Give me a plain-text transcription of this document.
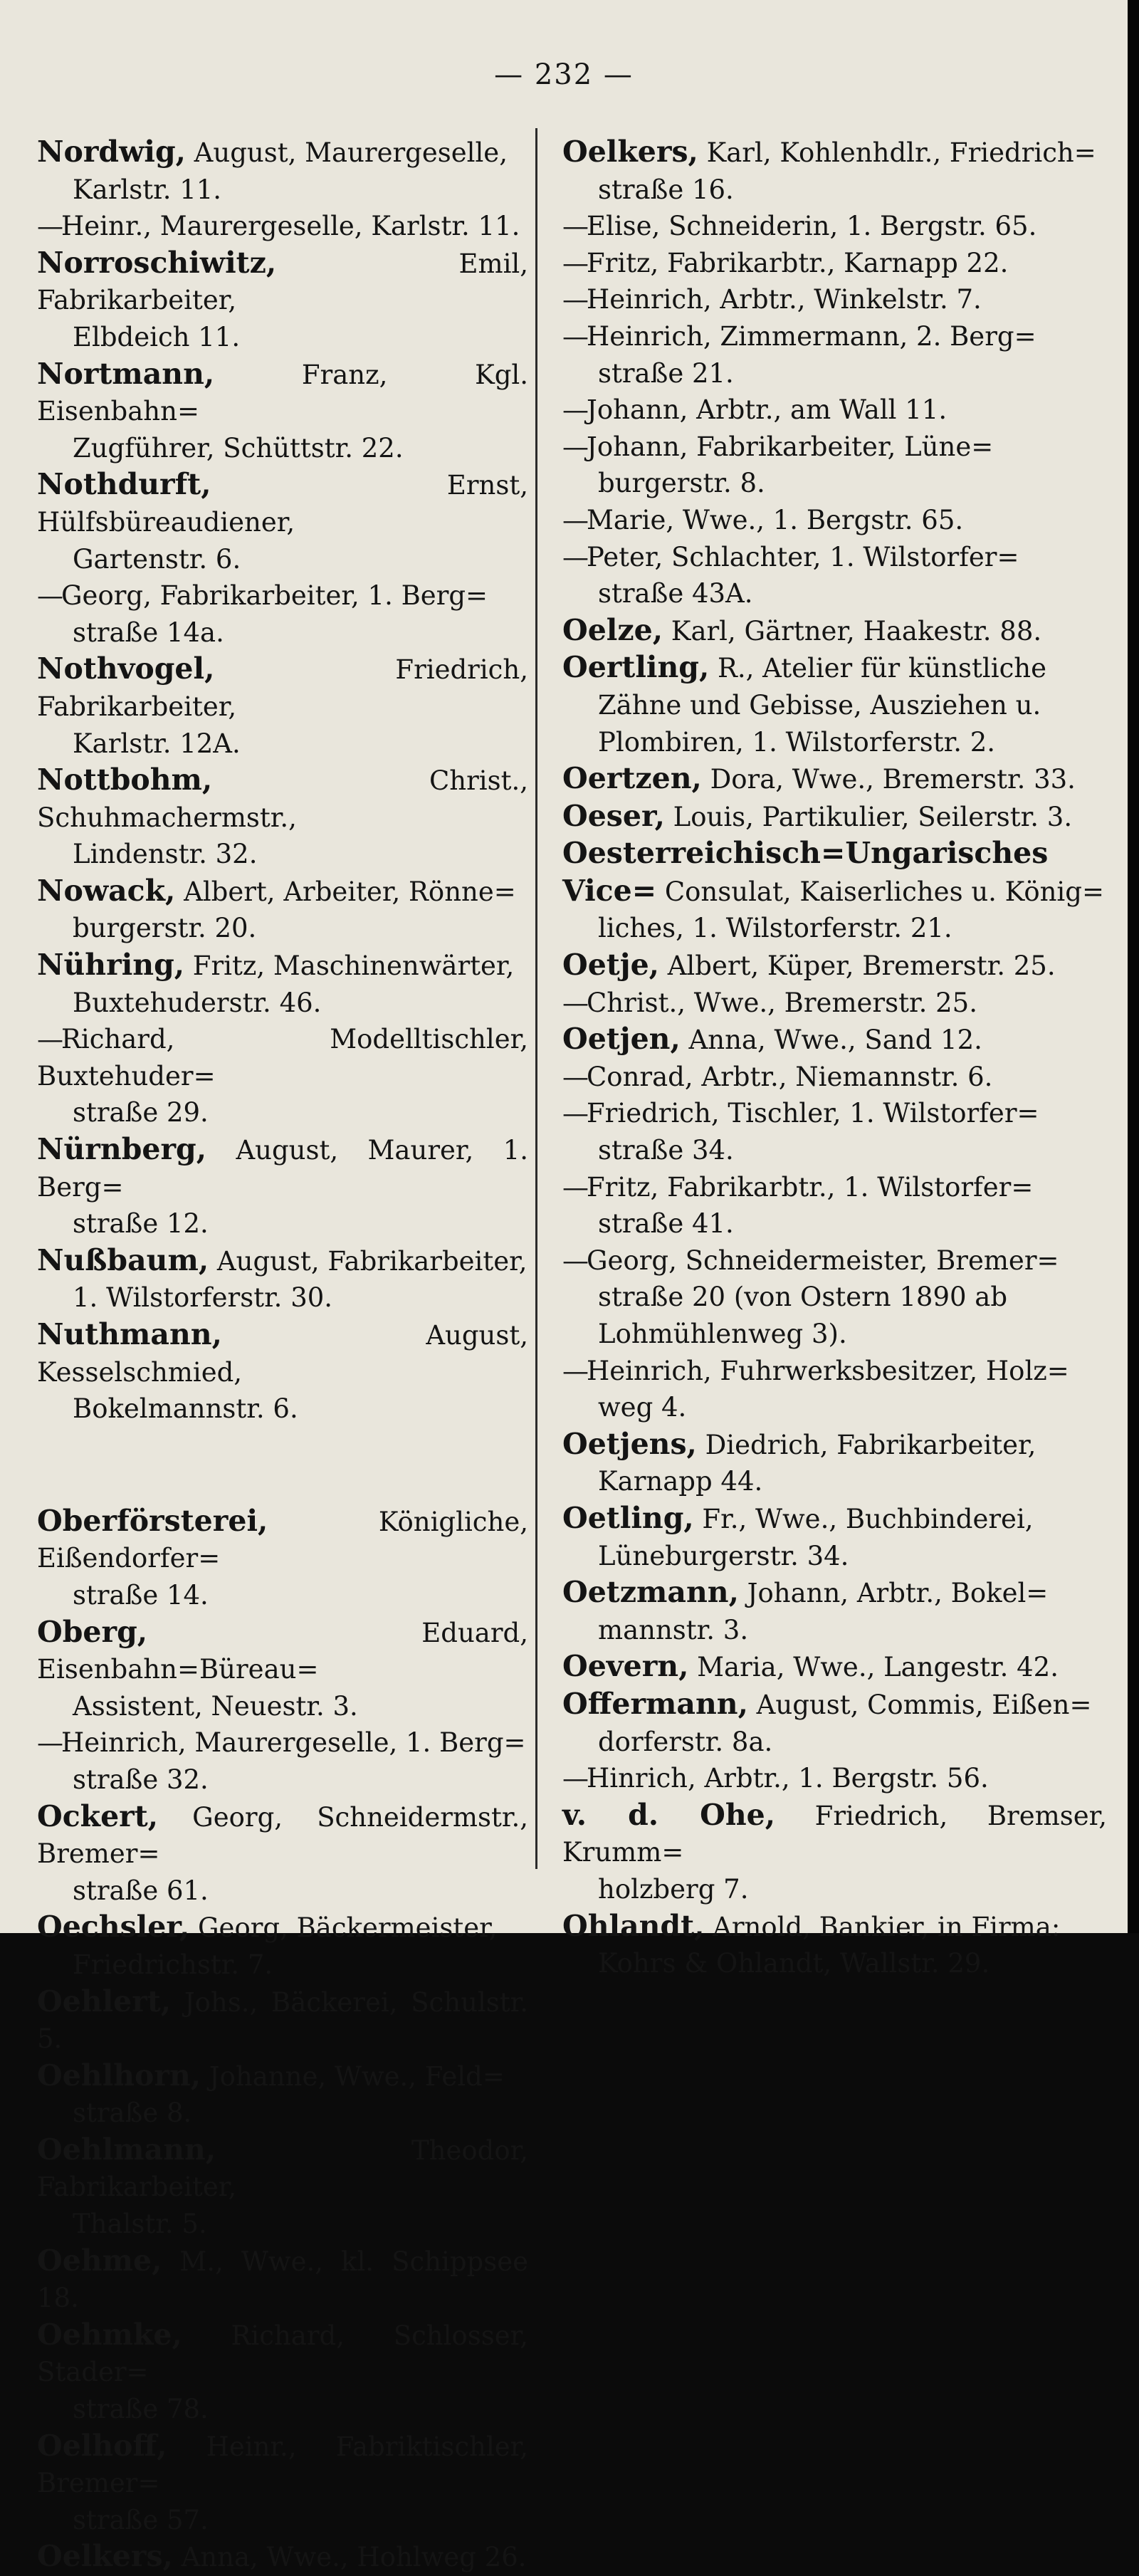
— 232 —
Nordwig, August, Maurergeselle,
Karlstr. 11.
—Heinr., Maurergeselle, Karlstr. 11.
Norroschiwitz,	Emil, Fabrikarbeiter,
Elbdeich 11.
Nortmann,	Franz, Kgl. Eisenbahn=
Zugführer, Schüttstr. 22.
Nothdurft,	Ernst, Hülfsbüreaudiener,
Gartenstr. 6.
—Georg, Fabrikarbeiter, 1. Berg=
straße 14a.
Nothvogel,	Friedrich, Fabrikarbeiter,
Karlstr. 12A.
Nottbohm,	Christ., Schuhmachermstr.,
Lindenstr. 32.
Nowack, Albert, Arbeiter, Rönne=
burgerstr. 20.
Nühring, Fritz, Maschinenwärter,
Buxtehuderstr. 46.
—Richard, Modelltischler, Buxtehuder=
straße 29.
Nürnberg, August, Maurer, 1. Berg=
straße 12.
Nußbaum, August, Fabrikarbeiter,
1. Wilstorferstr. 30.
Nuthmann,	August, Kesselschmied,
Bokelmannstr. 6.
Oberförsterei,	Königliche, Eißendorfer=
straße 14.
Oberg,	Eduard, Eisenbahn=Büreau=
Assistent, Neuestr. 3.
—Heinrich, Maurergeselle, 1. Berg=
straße 32.
Ockert, Georg, Schneidermstr., Bremer=
straße 61.
Oechsler, Georg, Bäckermeister,
Friedrichstr. 7.
Oehlert, Johs., Bäckerei, Schulstr. 5.
Oehlhorn, Johanne, Wwe., Feld=
straße 8.
Oehlmann,	Theodor, Fabrikarbeiter,
Thalstr. 5.
Oehme, M., Wwe., kl. Schippsee 18.
Oehmke, Richard, Schlosser, Stader=
straße 78.
Oelhoff, Heinr., Fabriktischler, Bremer=
straße 57.
Oelkers, Anna, Wwe., Hohlweg 26.
Oelkers, Karl, Kohlenhdlr., Friedrich=
straße 16.
—Elise, Schneiderin, 1. Bergstr. 65.
—Fritz, Fabrikarbtr., Karnapp 22.
—Heinrich, Arbtr., Winkelstr. 7.
—Heinrich, Zimmermann, 2. Berg=
straße 21.
—Johann, Arbtr., am Wall 11.
—Johann, Fabrikarbeiter, Lüne=
burgerstr. 8.
—Marie, Wwe., 1. Bergstr. 65.
—Peter, Schlachter, 1. Wilstorfer=
straße 43A.
Oelze, Karl, Gärtner, Haakestr. 88.
Oertling, R., Atelier für künstliche
Zähne und Gebisse, Ausziehen u.
Plombiren, 1. Wilstorferstr. 2.
Oertzen, Dora, Wwe., Bremerstr. 33.
Oeser, Louis, Partikulier, Seilerstr. 3.
Oesterreichisch=Ungarisches Vice= Consulat, Kaiserliches u. König=
liches, 1. Wilstorferstr. 21.
Oetje, Albert, Küper, Bremerstr. 25.
—Christ., Wwe., Bremerstr. 25.
Oetjen, Anna, Wwe., Sand 12.
—Conrad, Arbtr., Niemannstr. 6.
—Friedrich, Tischler, 1. Wilstorfer=
straße 34.
—Fritz, Fabrikarbtr., 1. Wilstorfer=
straße 41.
—Georg, Schneidermeister, Bremer=
straße 20 (von Ostern 1890 ab
Lohmühlenweg 3).
—Heinrich, Fuhrwerksbesitzer, Holz=
weg 4.
Oetjens, Diedrich, Fabrikarbeiter,
Karnapp 44.
Oetling, Fr., Wwe., Buchbinderei,
Lüneburgerstr. 34.
Oetzmann, Johann, Arbtr., Bokel=
mannstr. 3.
Oevern, Maria, Wwe., Langestr. 42.
Offermann, August, Commis, Eißen=
dorferstr. 8a.
—Hinrich, Arbtr., 1. Bergstr. 56.
v. d. Ohe, Friedrich, Bremser, Krumm=
holzberg 7.
Ohlandt, Arnold, Bankier, in Firma:
Kohrs & Ohlandt, Wallstr. 29.
